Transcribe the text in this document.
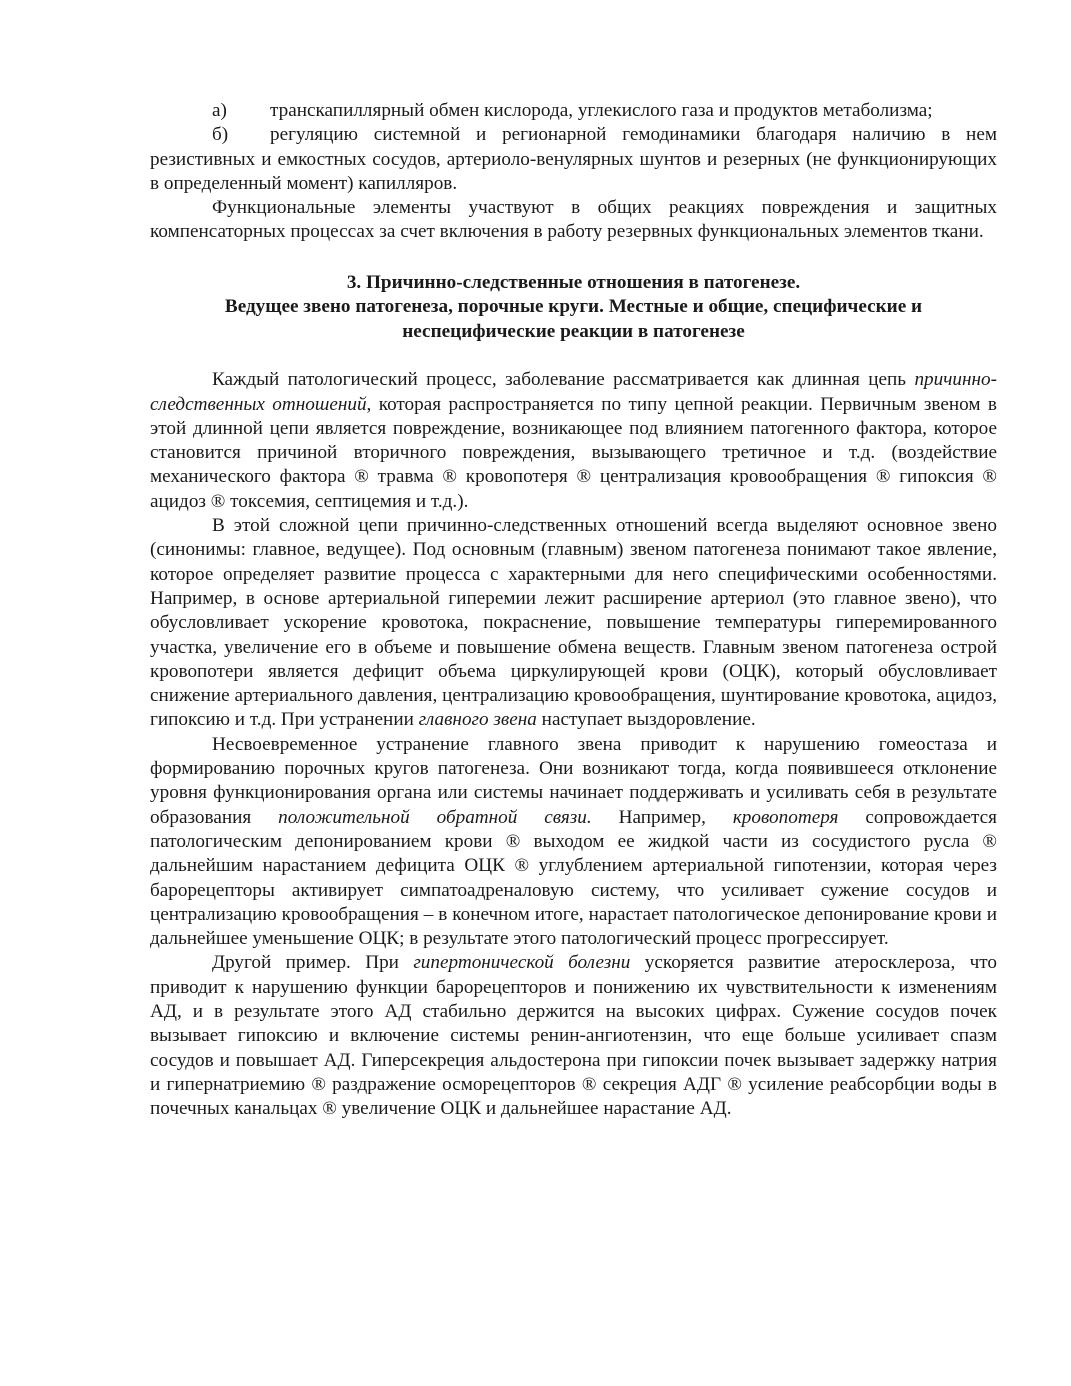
а) транскапиллярный обмен кислорода, углекислого газа и продуктов метаболизма;

б) регуляцию системной и регионарной гемодинамики благодаря наличию в нем резистивных и емкостных сосудов, артериоло-венулярных шунтов и резерных (не функционирующих в определенный момент) капилляров.

Функциональные элементы участвуют в общих реакциях повреждения и защитных компенсаторных процессах за счет включения в работу резервных функциональных элементов ткани.

3. Причинно-следственные отношения в патогенезе.
Ведущее звено патогенеза, порочные круги. Местные и общие, специфические и
неспецифические реакции в патогенезе

Каждый патологический процесс, заболевание рассматривается как длинная цепь причинно-следственных отношений, которая распространяется по типу цепной реакции. Первичным звеном в этой длинной цепи является повреждение, возникающее под влиянием патогенного фактора, которое становится причиной вторичного повреждения, вызывающего третичное и т.д. (воздействие механического фактора ® травма ® кровопотеря ® централизация кровообращения ® гипоксия ® ацидоз ® токсемия, септицемия и т.д.).

В этой сложной цепи причинно-следственных отношений всегда выделяют основное звено (синонимы: главное, ведущее). Под основным (главным) звеном патогенеза понимают такое явление, которое определяет развитие процесса с характерными для него специфическими особенностями. Например, в основе артериальной гиперемии лежит расширение артериол (это главное звено), что обусловливает ускорение кровотока, покраснение, повышение температуры гиперемированного участка, увеличение его в объеме и повышение обмена веществ. Главным звеном патогенеза острой кровопотери является дефицит объема циркулирующей крови (ОЦК), который обусловливает снижение артериального давления, централизацию кровообращения, шунтирование кровотока, ацидоз, гипоксию и т.д. При устранении главного звена наступает выздоровление.

Несвоевременное устранение главного звена приводит к нарушению гомеостаза и формированию порочных кругов патогенеза. Они возникают тогда, когда появившееся отклонение уровня функционирования органа или системы начинает поддерживать и усиливать себя в результате образования положительной обратной связи. Например, кровопотеря сопровождается патологическим депонированием крови ® выходом ее жидкой части из сосудистого русла ® дальнейшим нарастанием дефицита ОЦК ® углублением артериальной гипотензии, которая через барорецепторы активирует симпатоадреналовую систему, что усиливает сужение сосудов и централизацию кровообращения – в конечном итоге, нарастает патологическое депонирование крови и дальнейшее уменьшение ОЦК; в результате этого патологический процесс прогрессирует.

Другой пример. При гипертонической болезни ускоряется развитие атеросклероза, что приводит к нарушению функции барорецепторов и понижению их чувствительности к изменениям АД, и в результате этого АД стабильно держится на высоких цифрах. Сужение сосудов почек вызывает гипоксию и включение системы ренин-ангиотензин, что еще больше усиливает спазм сосудов и повышает АД. Гиперсекреция альдостерона при гипоксии почек вызывает задержку натрия и гипернатриемию ® раздражение осморецепторов ® секреция АДГ ® усиление реабсорбции воды в почечных канальцах ® увеличение ОЦК и дальнейшее нарастание АД.
